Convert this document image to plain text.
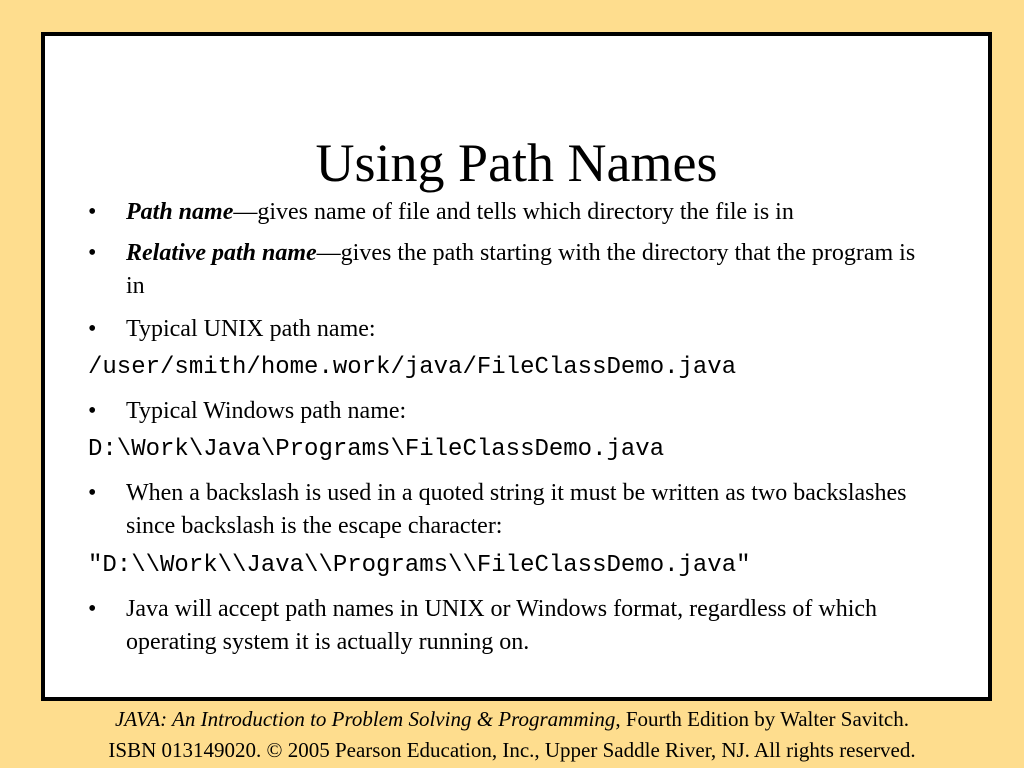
Using Path Names
•	Path name—gives name of file and tells which directory the file is in
•	Relative path name—gives the path starting with the directory that the program is in
•	Typical UNIX path name:
/user/smith/home.work/java/FileClassDemo.java
•	Typical Windows path name:
D:\Work\Java\Programs\FileClassDemo.java
•	When a backslash is used in a quoted string it must be written as two backslashes since backslash is the escape character:
"D:\\Work\\Java\\Programs\\FileClassDemo.java"
•	Java will accept path names in UNIX or Windows format, regardless of which operating system it is actually running on.
JAVA: An Introduction to Problem Solving & Programming, Fourth Edition by Walter Savitch.
ISBN 013149020. © 2005 Pearson Education, Inc., Upper Saddle River, NJ. All rights reserved.
